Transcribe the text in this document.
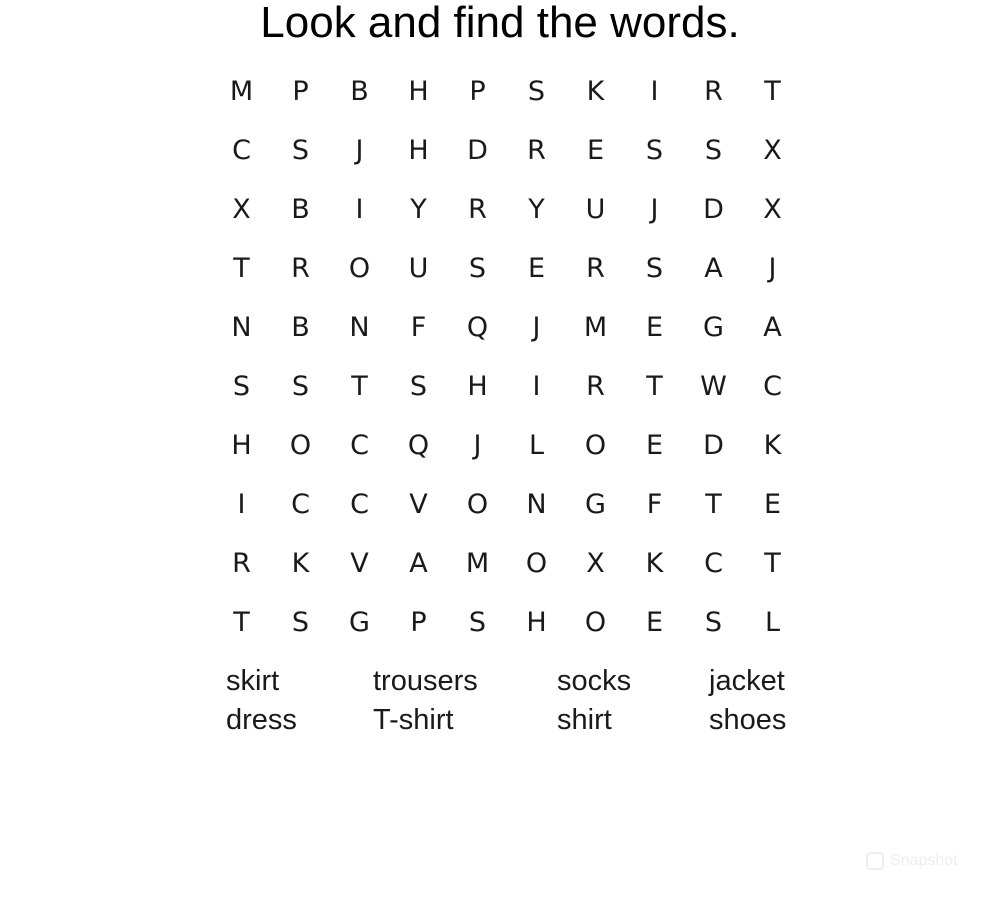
Look and find the words.
M	P	B	H	P	S	K	I	R	T
C	S	J	H	D	R	E	S	S	X
X	B	I	Y	R	Y	U	J	D	X
T	R	O	U	S	E	R	S	A	J
N	B	N	F	Q	J	M	E	G	A
S	S	T	S	H	I	R	T	W	C
H	O	C	Q	J	L	O	E	D	K
I	C	C	V	O	N	G	F	T	E
R	K	V	A	M	O	X	K	C	T
T	S	G	P	S	H	O	E	S	L
skirt	trousers	socks	jacket
dress	T-shirt	shirt	shoes
Snapshot
